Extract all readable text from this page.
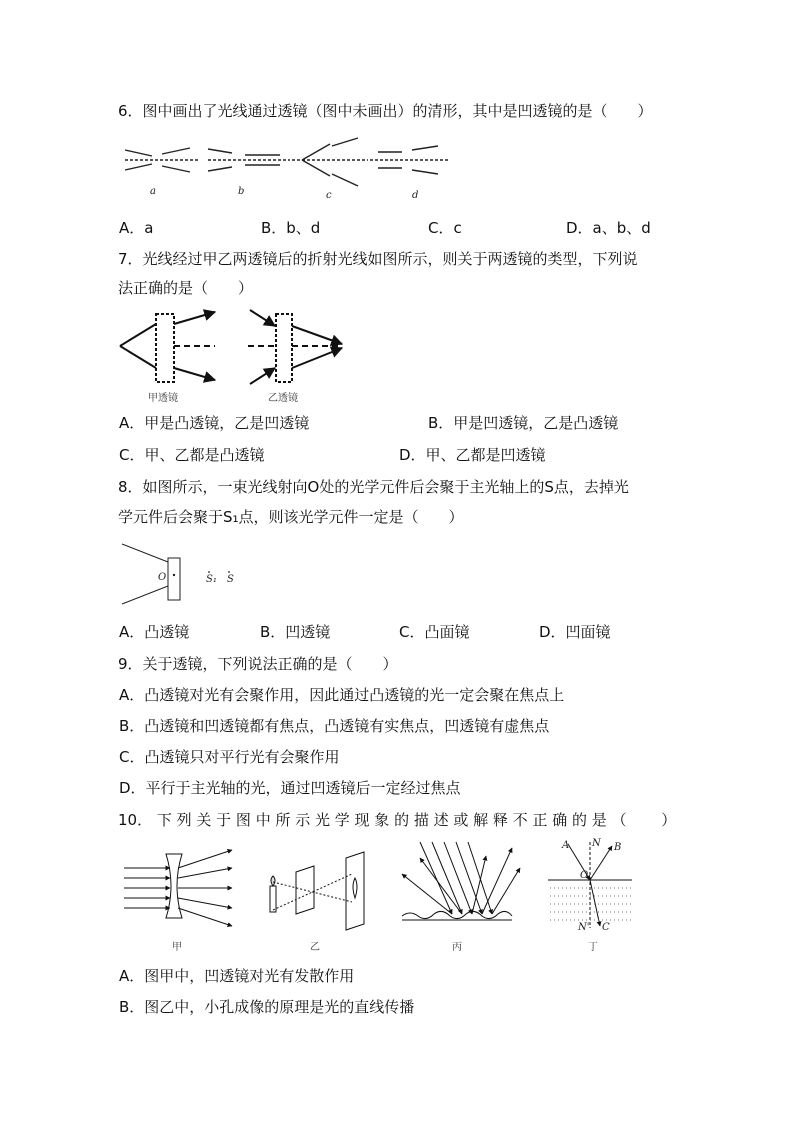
6．图中画出了光线通过透镜（图中未画出）的清形，其中是凹透镜的是（　　）
a	b	c	d
A．a	B．b、d	C．c	D．a、b、d
7．光线经过甲乙两透镜后的折射光线如图所示，则关于两透镜的类型，下列说
法正确的是（　　）
甲透镜	乙透镜
A．甲是凸透镜，乙是凹透镜	B．甲是凹透镜，乙是凸透镜
C．甲、乙都是凸透镜	D．甲、乙都是凹透镜
8．如图所示，一束光线射向O处的光学元件后会聚于主光轴上的S点，去掉光
学元件后会聚于S₁点，则该光学元件一定是（　　）
O	S₁ S
A．凸透镜	B．凹透镜	C．凸面镜	D．凹面镜
9．关于透镜，下列说法正确的是（　　）
A．凸透镜对光有会聚作用，因此通过凸透镜的光一定会聚在焦点上
B．凸透镜和凹透镜都有焦点，凸透镜有实焦点，凹透镜有虚焦点
C．凸透镜只对平行光有会聚作用
D．平行于主光轴的光，通过凹透镜后一定经过焦点
10． 下 列 关 于 图 中 所 示 光 学 现 象 的 描 述 或 解 释 不 正 确 的 是 （　　 ）
A N B
O
N' C
甲	乙	丙	丁
A．图甲中，凹透镜对光有发散作用
B．图乙中，小孔成像的原理是光的直线传播
